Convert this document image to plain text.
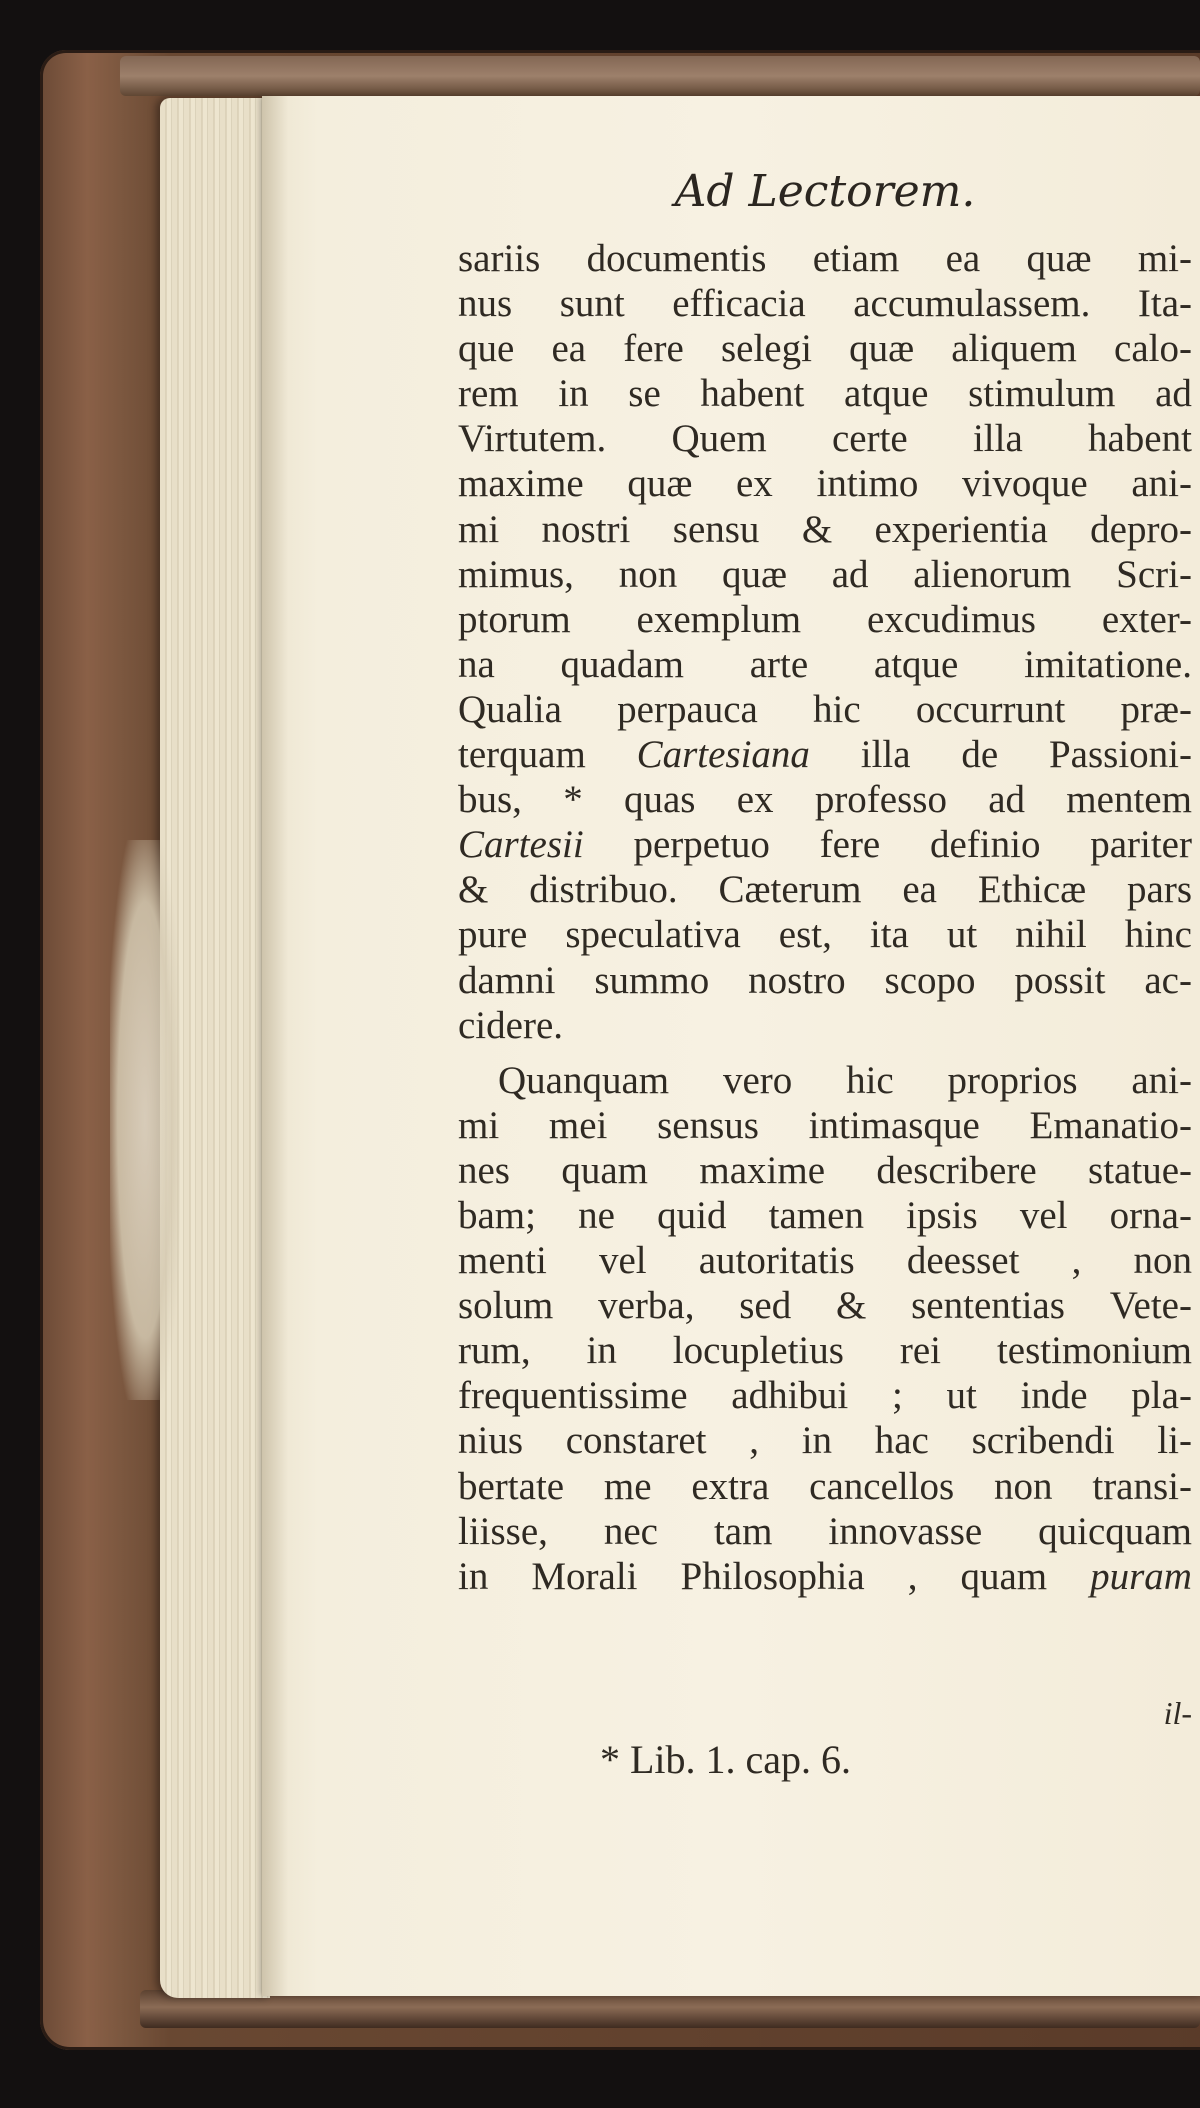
Ad Lectorem.
sariis documentis etiam ea quæ mi-
nus sunt efficacia accumulassem. Ita-
que ea fere selegi quæ aliquem calo-
rem in se habent atque stimulum ad
Virtutem. Quem certe illa habent
maxime quæ ex intimo vivoque ani-
mi nostri sensu & experientia depro-
mimus, non quæ ad alienorum Scri-
ptorum exemplum excudimus exter-
na quadam arte atque imitatione.
Qualia perpauca hic occurrunt præ-
terquam Cartesiana illa de Passioni-
bus, * quas ex professo ad mentem
Cartesii perpetuo fere definio pariter
& distribuo. Cæterum ea Ethicæ pars
pure speculativa est, ita ut nihil hinc
damni summo nostro scopo possit ac-
cidere.
Quanquam vero hic proprios ani-
mi mei sensus intimasque Emanatio-
nes quam maxime describere statue-
bam; ne quid tamen ipsis vel orna-
menti vel autoritatis deesset , non
solum verba, sed & sententias Vete-
rum, in locupletius rei testimonium
frequentissime adhibui ; ut inde pla-
nius constaret , in hac scribendi li-
bertate me extra cancellos non transi-
liisse, nec tam innovasse quicquam
in Morali Philosophia , quam puram
il-
* Lib. 1. cap. 6.
